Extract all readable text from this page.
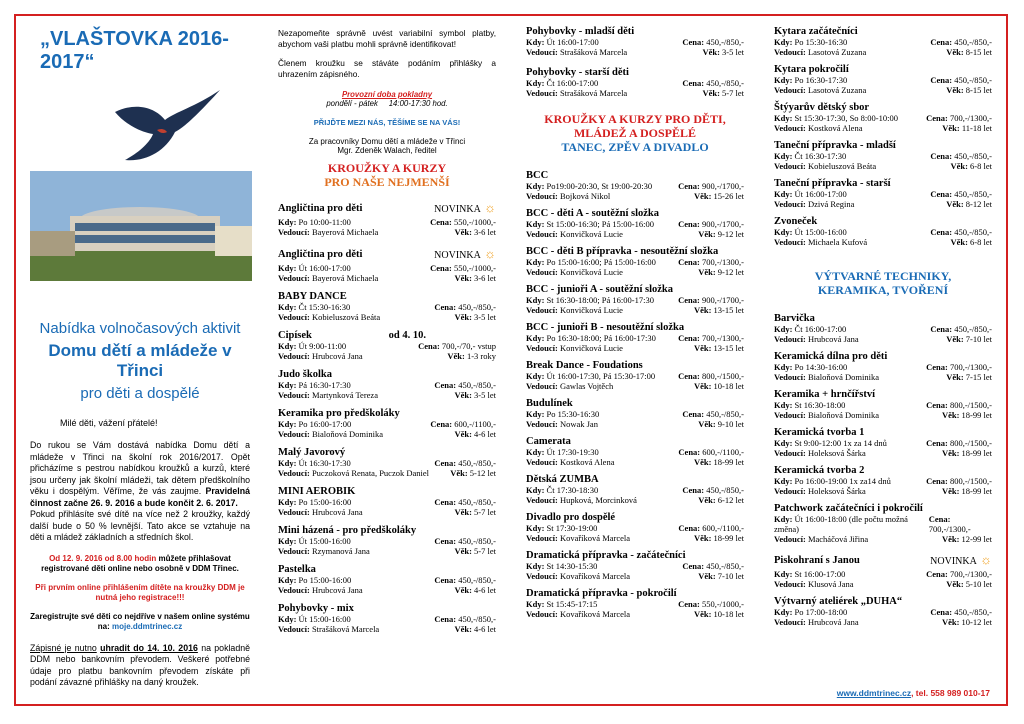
„VLAŠTOVKA 2016-2017“

Nabídka volnočasových aktivit
Domu dětí a mládeže v Třinci
pro děti a dospělé
Milé děti, vážení přátelé!
Do rukou se Vám dostává nabídka Domu dětí a mládeže v Třinci na školní rok 2016/2017. Opět přicházíme s pestrou nabídkou kroužků a kurzů, které jsou určeny jak školní mládeži, tak dětem předškolního věku i dospělým. Věříme, že vás zaujme. Pravidelná činnost začne 26. 9. 2016 a bude končit 2. 6. 2017.
Pokud přihlásíte své dítě na více než 2 kroužky, každý další bude o 50 % levnější. Tato akce se vztahuje na děti a mládež základních a středních škol.
Od 12. 9. 2016 od 8.00 hodin můžete přihlašovat registrované děti online nebo osobně v DDM Třinec.
Při prvním online přihlášením dítěte na kroužky DDM je nutná jeho registrace!!!
Zaregistrujte své děti co nejdříve v našem online systému na: moje.ddmtrinec.cz
Zápisné je nutno uhradit do 14. 10. 2016 na pokladně DDM nebo bankovním převodem. Veškeré potřebné údaje pro platbu bankovním převodem získáte při podání závazné přihlášky na daný kroužek.
Nezapomeňte správně uvést variabilní symbol platby, abychom vaši platbu mohli správně identifikovat!
Členem kroužku se stáváte podáním přihlášky a uhrazením zápisného.
Provozní doba pokladny
pondělí - pátek     14:00-17:30 hod.
PŘIJĎTE MEZI NÁS, TĚŠÍME SE NA VÁS!
Za pracovníky Domu dětí a mládeže v Třinci
Mgr. Zdeněk Walach, ředitel
KROUŽKY A KURZY
PRO NAŠE NEJMENŠÍ
Angličtina pro děti	NOVINKA ☼
Kdy: Po 10:00-11:00	Cena: 550,-/1000,-
Vedoucí: Bayerová Michaela	Věk: 3-6 let
Angličtina pro děti	NOVINKA ☼
Kdy: Út 16:00-17:00	Cena: 550,-/1000,-
Vedoucí: Bayerová Michaela	Věk: 3-6 let
BABY DANCE
Kdy: Čt 15:30-16:30	Cena: 450,-/850,-
Vedoucí: Kobieluszová Beáta	Věk: 3-5 let
Cipísek	od 4. 10.
Kdy: Út 9:00-11:00	Cena: 700,-/70,- vstup
Vedoucí: Hrubcová Jana	Věk: 1-3 roky
Judo školka
Kdy: Pá 16:30-17:30	Cena: 450,-/850,-
Vedoucí: Martynková Tereza	Věk: 3-5 let
Keramika pro předškoláky
Kdy: Po 16:00-17:00	Cena: 600,-/1100,-
Vedoucí: Bialoňová Dominika	Věk: 4-6 let
Malý Javorový
Kdy: Út 16:30-17:30	Cena: 450,-/850,-
Vedoucí: Puczoková Renata, Puczok Daniel Věk: 5-12 let
MINI AEROBIK
Kdy: Po 15:00-16:00	Cena: 450,-/850,-
Vedoucí: Hrubcová Jana	Věk: 5-7 let
Mini házená - pro předškoláky
Kdy: Út 15:00-16:00	Cena: 450,-/850,-
Vedoucí: Rzymanová Jana	Věk: 5-7 let
Pastelka
Kdy: Po 15:00-16:00	Cena: 450,-/850,-
Vedoucí: Hrubcová Jana	Věk: 4-6 let
Pohybovky - mix
Kdy: Út 15:00-16:00	Cena: 450,-/850,-
Vedoucí: Strašáková Marcela	Věk: 4-6 let
Pohybovky - mladší děti
Kdy: Út 16:00-17:00	Cena: 450,-/850,-
Vedoucí: Strašáková Marcela	Věk: 3-5 let
Pohybovky - starší děti
Kdy: Čt 16:00-17:00	Cena: 450,-/850,-
Vedoucí: Strašáková Marcela	Věk: 5-7 let
KROUŽKY A KURZY PRO DĚTI,
MLÁDEŽ A DOSPĚLÉ
TANEC, ZPĚV A DIVADLO
BCC
Kdy: Po19:00-20:30, St 19:00-20:30	Cena: 900,-/1700,-
Vedoucí: Bojková Nikol	Věk: 15-26 let
BCC - děti A - soutěžní složka
Kdy: St 15:00-16:30; Pá 15:00-16:00	Cena: 900,-/1700,-
Vedoucí: Konvičková Lucie	Věk: 9-12 let
BCC - děti B přípravka - nesoutěžní složka
Kdy: Po 15:00-16:00; Pá 15:00-16:00	Cena: 700,-/1300,-
Vedoucí: Konvičková Lucie	Věk: 9-12 let
BCC - junioři A - soutěžní složka
Kdy: St 16:30-18:00; Pá 16:00-17:30	Cena: 900,-/1700,-
Vedoucí: Konvičková Lucie	Věk: 13-15 let
BCC - junioři B - nesoutěžní složka
Kdy: Po 16:30-18:00; Pá 16:00-17:30	Cena: 700,-/1300,-
Vedoucí: Konvičková Lucie	Věk: 13-15 let
Break Dance - Foudations
Kdy: Út 16:00-17:30, Pá 15:30-17:00	Cena: 800,-/1500,-
Vedoucí: Gawlas Vojtěch	Věk: 10-18 let
Budulínek
Kdy: Po 15:30-16:30	Cena: 450,-/850,-
Vedoucí: Nowak Jan	Věk: 9-10 let
Camerata
Kdy: Út 17:30-19:30	Cena: 600,-/1100,-
Vedoucí: Kostková Alena	Věk: 18-99 let
Dětská ZUMBA
Kdy: Čt 17:30-18:30	Cena: 450,-/850,-
Vedoucí: Hupková, Morcinková	Věk: 6-12 let
Divadlo pro dospělé
Kdy: St 17:30-19:00	Cena: 600,-/1100,-
Vedoucí: Kovaříková Marcela	Věk: 18-99 let
Dramatická přípravka - začátečníci
Kdy: St 14:30-15:30	Cena: 450,-/850,-
Vedoucí: Kovaříková Marcela	Věk: 7-10 let
Dramatická přípravka - pokročilí
Kdy: St 15:45-17:15	Cena: 550,-/1000,-
Vedoucí: Kovaříková Marcela	Věk: 10-18 let
Kytara začátečníci
Kdy: Po 15:30-16:30	Cena: 450,-/850,-
Vedoucí: Lasotová Zuzana	Věk: 8-15 let
Kytara pokročilí
Kdy: Po 16:30-17:30	Cena: 450,-/850,-
Vedoucí: Lasotová Zuzana	Věk: 8-15 let
Štýyarův dětský sbor
Kdy: St 15:30-17:30, So 8:00-10:00	Cena: 700,-/1300,-
Vedoucí: Kostková Alena	Věk: 11-18 let
Taneční přípravka - mladší
Kdy: Čt 16:30-17:30	Cena: 450,-/850,-
Vedoucí: Kobieluszová Beáta	Věk: 6-8 let
Taneční přípravka - starší
Kdy: Út 16:00-17:00	Cena: 450,-/850,-
Vedoucí: Dzivá Regina	Věk: 8-12 let
Zvoneček
Kdy: Út 15:00-16:00	Cena: 450,-/850,-
Vedoucí: Michaela Kufová	Věk: 6-8 let
VÝTVARNÉ TECHNIKY,
KERAMIKA, TVOŘENÍ
Barvička
Kdy: Čt 16:00-17:00	Cena: 450,-/850,-
Vedoucí: Hrubcová Jana	Věk: 7-10 let
Keramická dílna pro děti
Kdy: Po 14:30-16:00	Cena: 700,-/1300,-
Vedoucí: Bialoňová Dominika	Věk: 7-15 let
Keramika + hrnčířství
Kdy: St 16:30-18:00	Cena: 800,-/1500,-
Vedoucí: Bialoňová Dominika	Věk: 18-99 let
Keramická tvorba 1
Kdy: St 9:00-12:00 1x za 14 dnů	Cena: 800,-/1500,-
Vedoucí: Holeksová Šárka	Věk: 18-99 let
Keramická tvorba 2
Kdy: Po 16:00-19:00 1x za14 dnů	Cena: 800,-/1500,-
Vedoucí: Holeksová Šárka	Věk: 18-99 let
Patchwork začátečníci i pokročilí
Kdy: Út 16:00-18:00 (dle počtu možná změna)
Cena: 700,-/1300,-
Vedoucí: Macháčová Jiřina	Věk: 12-99 let
Piskohraní s Janou	NOVINKA ☼
Kdy: St 16:00-17:00	Cena: 700,-/1300,-
Vedoucí: Klusová Jana	Věk: 5-10 let
Výtvarný ateliérek „DUHA“
Kdy: Po 17:00-18:00	Cena: 450,-/850,-
Vedoucí: Hrubcová Jana	Věk: 10-12 let
www.ddmtrinec.cz, tel. 558 989 010-17
